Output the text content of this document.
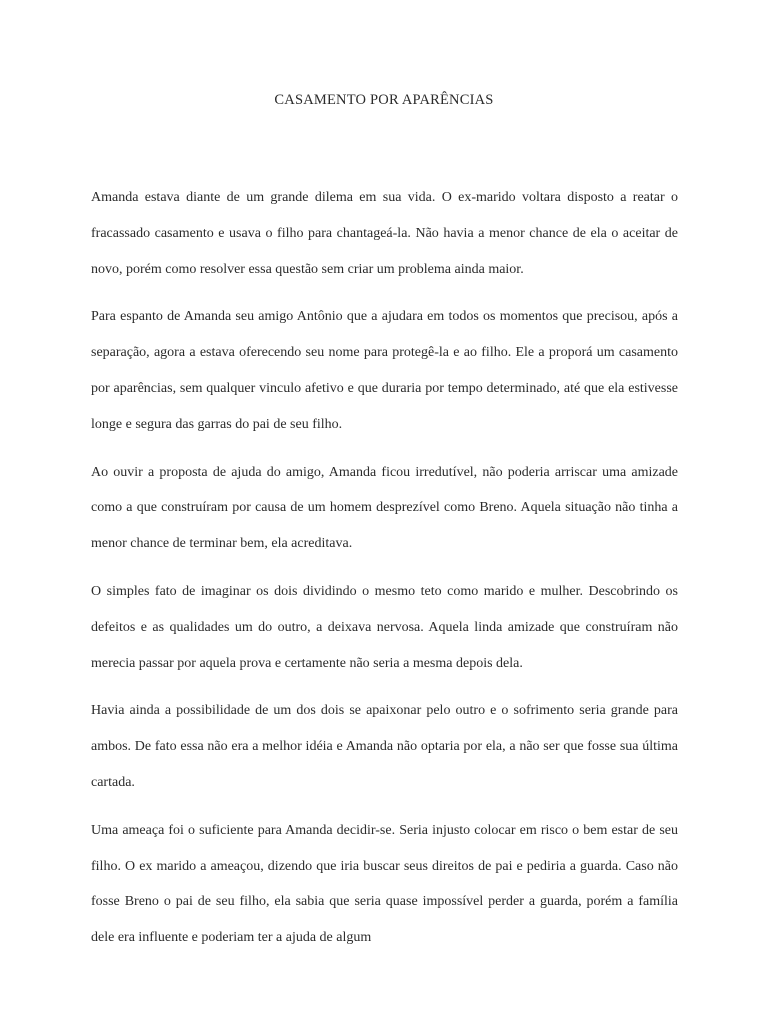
CASAMENTO POR APARÊNCIAS

Amanda estava diante de um grande dilema em sua vida. O ex-marido voltara disposto a reatar o fracassado casamento e usava o filho para chantageá-la. Não havia a menor chance de ela o aceitar de novo, porém como resolver essa questão sem criar um problema ainda maior.

Para espanto de Amanda seu amigo Antônio que a ajudara em todos os momentos que precisou, após a separação, agora a estava oferecendo seu nome para protegê-la e ao filho. Ele a proporá um casamento por aparências, sem qualquer vinculo afetivo e que duraria por tempo determinado, até que ela estivesse longe e segura das garras do pai de seu filho.

Ao ouvir a proposta de ajuda do amigo, Amanda ficou irredutível, não poderia arriscar uma amizade como a que construíram por causa de um homem desprezível como Breno. Aquela situação não tinha a menor chance de terminar bem, ela acreditava.

O simples fato de imaginar os dois dividindo o mesmo teto como marido e mulher. Descobrindo os defeitos e as qualidades um do outro, a deixava nervosa. Aquela linda amizade que construíram não merecia passar por aquela prova e certamente não seria a mesma depois dela.

Havia ainda a possibilidade de um dos dois se apaixonar pelo outro e o sofrimento seria grande para ambos. De fato essa não era a melhor idéia e Amanda não optaria por ela, a não ser que fosse sua última cartada.

Uma ameaça foi o suficiente para Amanda decidir-se. Seria injusto colocar em risco o bem estar de seu filho. O ex marido a ameaçou, dizendo que iria buscar seus direitos de pai e pediria a guarda. Caso não fosse Breno o pai de seu filho, ela sabia que seria quase impossível perder a guarda, porém a família dele era influente e poderiam ter a ajuda de algum
